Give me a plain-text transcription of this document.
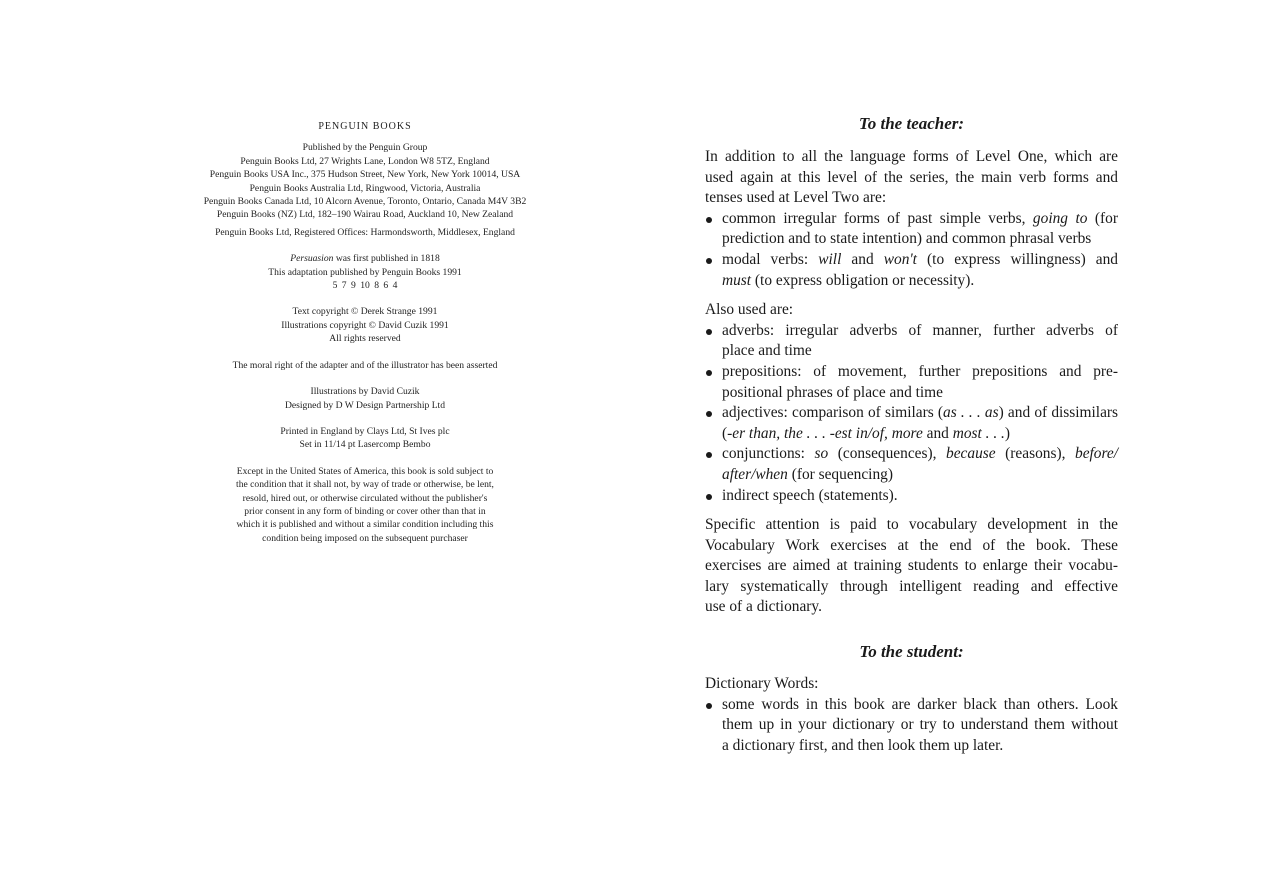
PENGUIN BOOKS

Published by the Penguin Group
Penguin Books Ltd, 27 Wrights Lane, London W8 5TZ, England
Penguin Books USA Inc., 375 Hudson Street, New York, New York 10014, USA
Penguin Books Australia Ltd, Ringwood, Victoria, Australia
Penguin Books Canada Ltd, 10 Alcorn Avenue, Toronto, Ontario, Canada M4V 3B2
Penguin Books (NZ) Ltd, 182–190 Wairau Road, Auckland 10, New Zealand

Penguin Books Ltd, Registered Offices: Harmondsworth, Middlesex, England

Persuasion was first published in 1818
This adaptation published by Penguin Books 1991
5 7 9 10 8 6 4

Text copyright © Derek Strange 1991
Illustrations copyright © David Cuzik 1991
All rights reserved

The moral right of the adapter and of the illustrator has been asserted

Illustrations by David Cuzik
Designed by D W Design Partnership Ltd

Printed in England by Clays Ltd, St Ives plc
Set in 11/14 pt Lasercomp Bembo

Except in the United States of America, this book is sold subject to
the condition that it shall not, by way of trade or otherwise, be lent,
resold, hired out, or otherwise circulated without the publisher's
prior consent in any form of binding or cover other than that in
which it is published and without a similar condition including this
condition being imposed on the subsequent purchaser

To the teacher:

In addition to all the language forms of Level One, which are
used again at this level of the series, the main verb forms and
tenses used at Level Two are:

common irregular forms of past simple verbs, going to (for
prediction and to state intention) and common phrasal verbs
modal verbs: will and won't (to express willingness) and
must (to express obligation or necessity).

Also used are:

adverbs: irregular adverbs of manner, further adverbs of
place and time
prepositions: of movement, further prepositions and pre-
positional phrases of place and time
adjectives: comparison of similars (as . . . as) and of dissimilars
(-er than, the . . . -est in/of, more and most . . .)
conjunctions: so (consequences), because (reasons), before/
after/when (for sequencing)
indirect speech (statements).

Specific attention is paid to vocabulary development in the
Vocabulary Work exercises at the end of the book. These
exercises are aimed at training students to enlarge their vocabu-
lary systematically through intelligent reading and effective
use of a dictionary.

To the student:

Dictionary Words:

some words in this book are darker black than others. Look
them up in your dictionary or try to understand them without
a dictionary first, and then look them up later.
